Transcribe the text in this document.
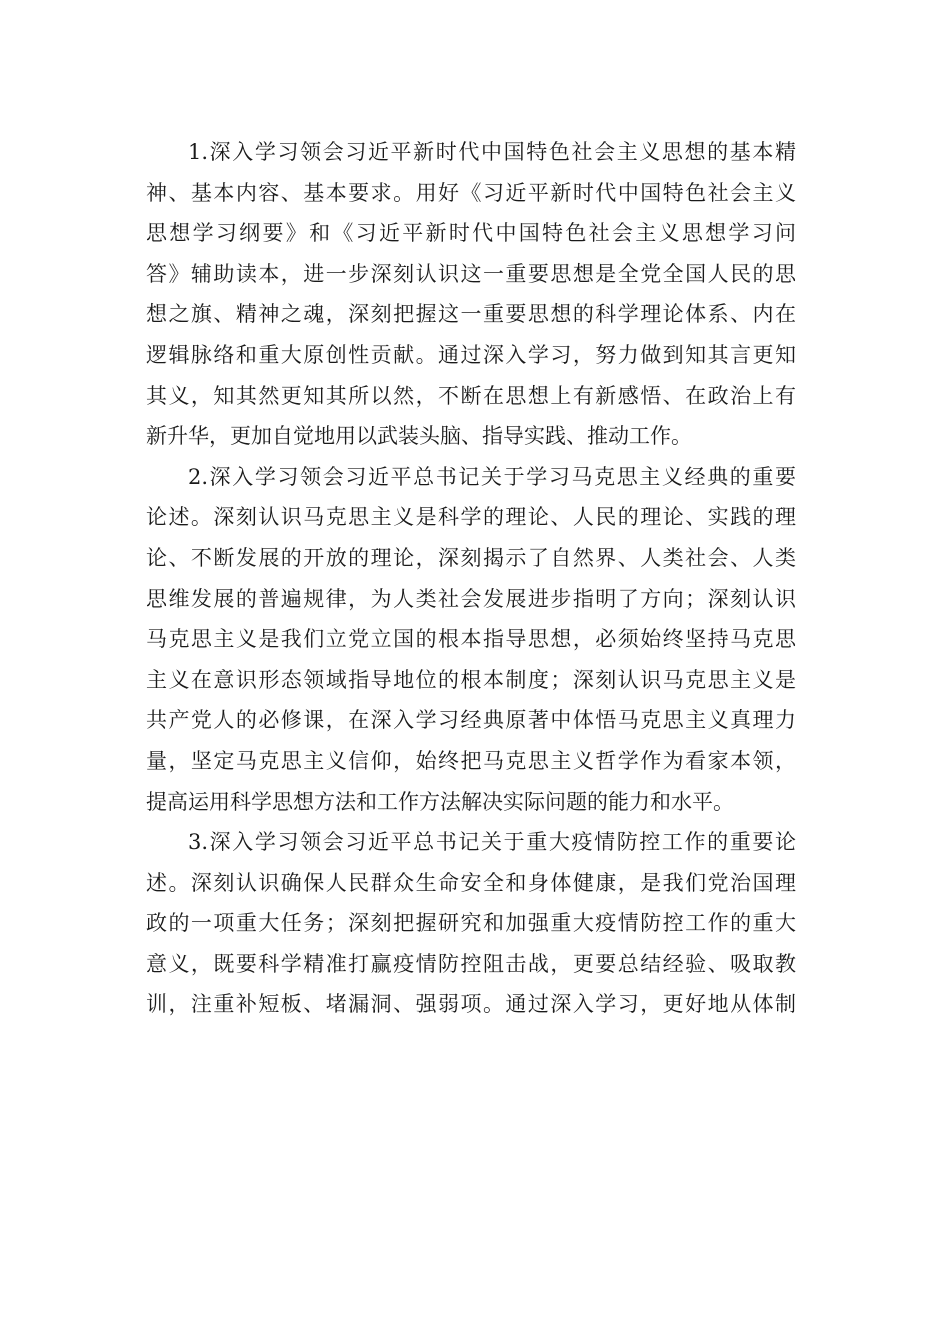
1.深入学习领会习近平新时代中国特色社会主义思想的基本精
神、基本内容、基本要求。用好《习近平新时代中国特色社会主义
思想学习纲要》和《习近平新时代中国特色社会主义思想学习问
答》辅助读本，进一步深刻认识这一重要思想是全党全国人民的思
想之旗、精神之魂，深刻把握这一重要思想的科学理论体系、内在
逻辑脉络和重大原创性贡献。通过深入学习，努力做到知其言更知
其义，知其然更知其所以然，不断在思想上有新感悟、在政治上有
新升华，更加自觉地用以武装头脑、指导实践、推动工作。
2.深入学习领会习近平总书记关于学习马克思主义经典的重要
论述。深刻认识马克思主义是科学的理论、人民的理论、实践的理
论、不断发展的开放的理论，深刻揭示了自然界、人类社会、人类
思维发展的普遍规律，为人类社会发展进步指明了方向；深刻认识
马克思主义是我们立党立国的根本指导思想，必须始终坚持马克思
主义在意识形态领域指导地位的根本制度；深刻认识马克思主义是
共产党人的必修课，在深入学习经典原著中体悟马克思主义真理力
量，坚定马克思主义信仰，始终把马克思主义哲学作为看家本领，
提高运用科学思想方法和工作方法解决实际问题的能力和水平。
3.深入学习领会习近平总书记关于重大疫情防控工作的重要论
述。深刻认识确保人民群众生命安全和身体健康，是我们党治国理
政的一项重大任务；深刻把握研究和加强重大疫情防控工作的重大
意义，既要科学精准打赢疫情防控阻击战，更要总结经验、吸取教
训，注重补短板、堵漏洞、强弱项。通过深入学习，更好地从体制
